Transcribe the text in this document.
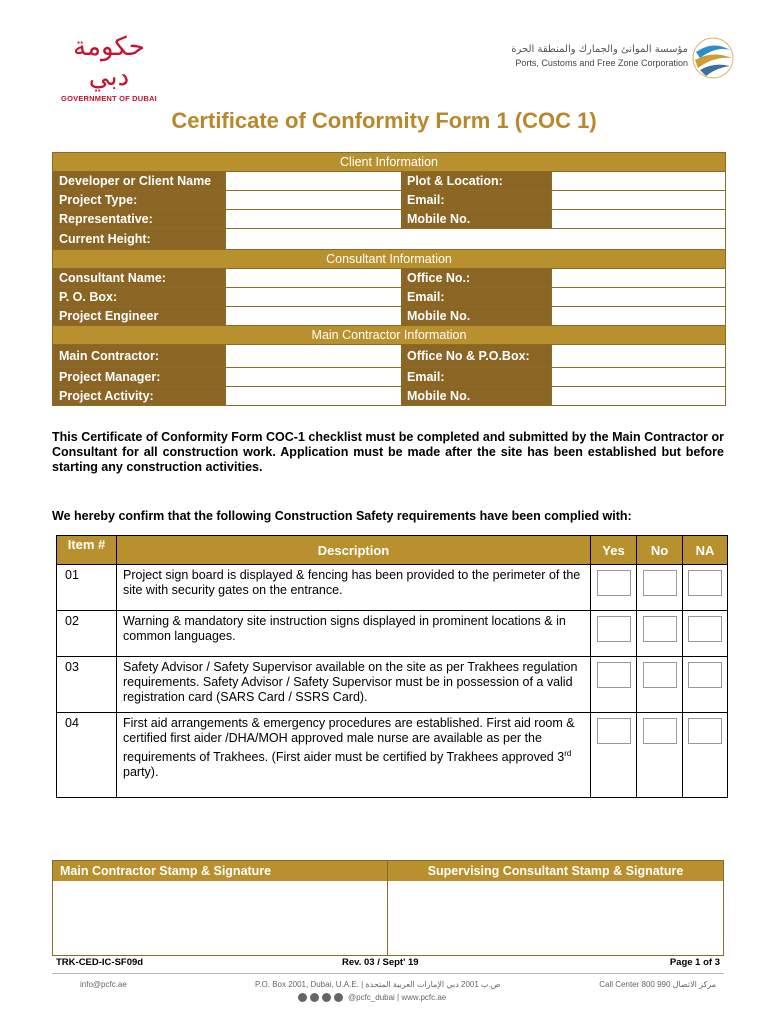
حكومة دبي
GOVERNMENT OF DUBAI
مؤسسة الموانئ والجمارك والمنطقة الحرة
Ports, Customs and Free Zone Corporation
Certificate of Conformity Form 1 (COC 1)
Client Information
Developer or Client Name	Plot & Location:
Project Type:	Email:
Representative:	Mobile No.
Current Height:
Consultant Information
Consultant Name:	Office No.:
P. O. Box:	Email:
Project Engineer	Mobile No.
Main Contractor Information
Main Contractor:	Office No & P.O.Box:
Project Manager:	Email:
Project Activity:	Mobile No.
This Certificate of Conformity Form COC-1 checklist must be completed and submitted by the Main Contractor or Consultant for all construction work. Application must be made after the site has been established but before starting any construction activities.
We hereby confirm that the following Construction Safety requirements have been complied with:
Item #	Description	Yes	No	NA
01	Project sign board is displayed & fencing has been provided to the perimeter of the site with security gates on the entrance.
02	Warning & mandatory site instruction signs displayed in prominent locations & in common languages.
03	Safety Advisor / Safety Supervisor available on the site as per Trakhees regulation requirements. Safety Advisor / Safety Supervisor must be in possession of a valid registration card (SARS Card / SSRS Card).
04	First aid arrangements & emergency procedures are established. First aid room & certified first aider /DHA/MOH approved male nurse are available as per the requirements of Trakhees. (First aider must be certified by Trakhees approved 3rd party).
Main Contractor Stamp & Signature	Supervising Consultant Stamp & Signature
TRK-CED-IC-SF09d	Rev. 03 / Sept' 19	Page 1 of 3
info@pcfc.ae	P.O. Box 2001, Dubai, U.A.E. | ص.ب 2001 دبي الإمارات العربية المتحدة	Call Center 800 990 مركز الاتصال
@pcfc_dubai | www.pcfc.ae
